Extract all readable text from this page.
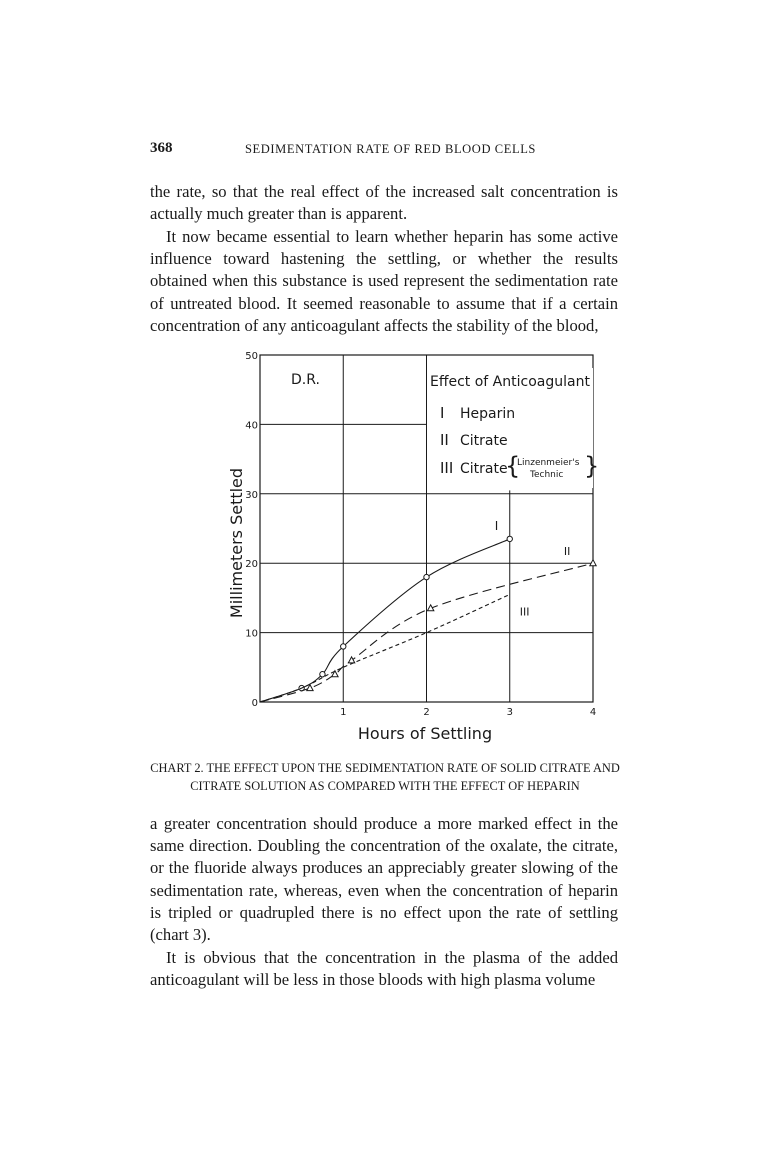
368	SEDIMENTATION RATE OF RED BLOOD CELLS

the rate, so that the real effect of the increased salt concentration is actually much greater than is apparent.

It now became essential to learn whether heparin has some active influence toward hastening the settling, or whether the results obtained when this substance is used represent the sedimentation rate of untreated blood. It seemed reasonable to assume that if a certain concentration of any anticoagulant affects the stability of the blood,

I
II
III
0
10
20
30
40
50
1	2	3	4
D.R.	Effect of Anticoagulant
I Heparin
II Citrate
III Citrate
{
Linzenmeier's
Technic }
Hours of Settling
Millimeters Settled
CHART 2. THE EFFECT UPON THE SEDIMENTATION RATE OF SOLID CITRATE AND
CITRATE SOLUTION AS COMPARED WITH THE EFFECT OF HEPARIN

a greater concentration should produce a more marked effect in the same direction. Doubling the concentration of the oxalate, the citrate, or the fluoride always produces an appreciably greater slowing of the sedimentation rate, whereas, even when the concentration of heparin is tripled or quadrupled there is no effect upon the rate of settling (chart 3).

It is obvious that the concentration in the plasma of the added anticoagulant will be less in those bloods with high plasma volume
